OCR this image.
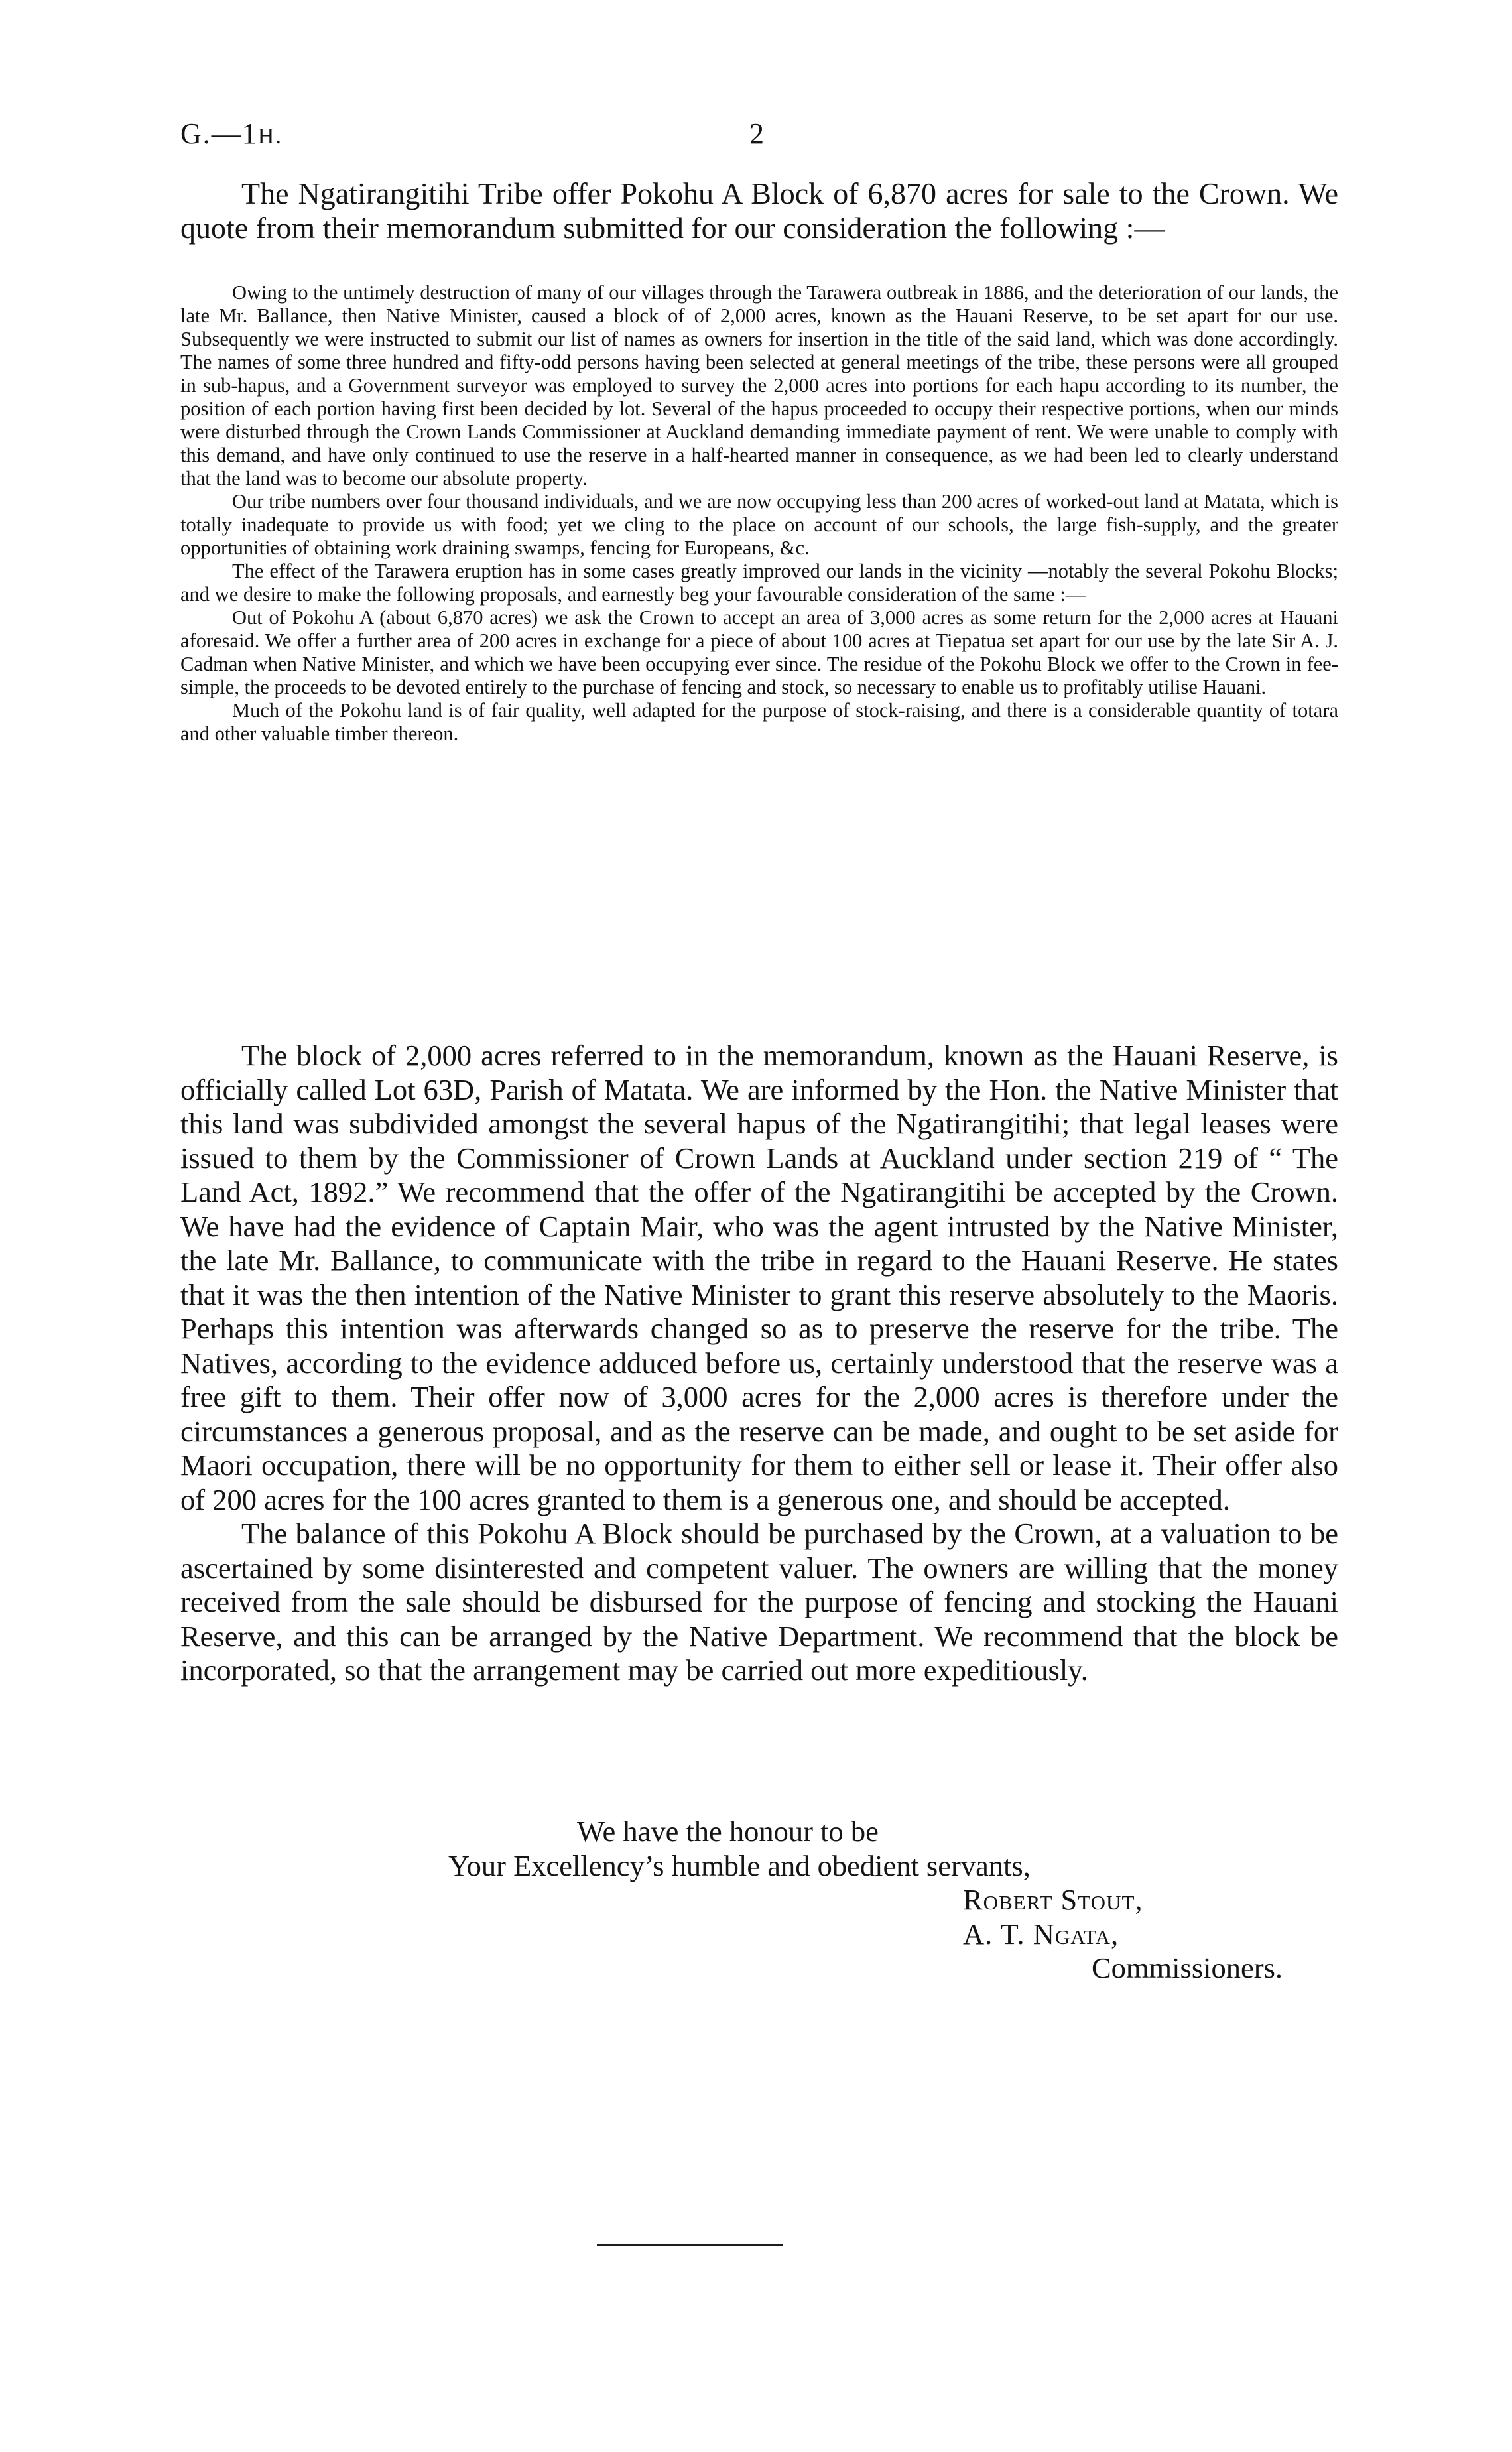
G.—1H.	2

The Ngatirangitihi Tribe offer Pokohu A Block of 6,870 acres for sale to the Crown. We quote from their memorandum submitted for our consideration the following :—

Owing to the untimely destruction of many of our villages through the Tarawera outbreak in 1886, and the deterioration of our lands, the late Mr. Ballance, then Native Minister, caused a block of of 2,000 acres, known as the Hauani Reserve, to be set apart for our use. Subsequently we were instructed to submit our list of names as owners for insertion in the title of the said land, which was done accordingly. The names of some three hundred and fifty-odd persons having been selected at general meetings of the tribe, these persons were all grouped in sub-hapus, and a Government surveyor was employed to survey the 2,000 acres into portions for each hapu according to its number, the position of each portion having first been decided by lot. Several of the hapus proceeded to occupy their respective portions, when our minds were disturbed through the Crown Lands Commissioner at Auckland demanding immediate payment of rent. We were unable to comply with this demand, and have only continued to use the reserve in a half-hearted manner in consequence, as we had been led to clearly understand that the land was to become our absolute property.

Our tribe numbers over four thousand individuals, and we are now occupying less than 200 acres of worked-out land at Matata, which is totally inadequate to provide us with food; yet we cling to the place on account of our schools, the large fish-supply, and the greater opportunities of obtaining work draining swamps, fencing for Europeans, &c.

The effect of the Tarawera eruption has in some cases greatly improved our lands in the vicinity —notably the several Pokohu Blocks; and we desire to make the following proposals, and earnestly beg your favourable consideration of the same :—

Out of Pokohu A (about 6,870 acres) we ask the Crown to accept an area of 3,000 acres as some return for the 2,000 acres at Hauani aforesaid. We offer a further area of 200 acres in exchange for a piece of about 100 acres at Tiepatua set apart for our use by the late Sir A. J. Cadman when Native Minister, and which we have been occupying ever since. The residue of the Pokohu Block we offer to the Crown in fee-simple, the proceeds to be devoted entirely to the purchase of fencing and stock, so necessary to enable us to profitably utilise Hauani.

Much of the Pokohu land is of fair quality, well adapted for the purpose of stock-raising, and there is a considerable quantity of totara and other valuable timber thereon.

The block of 2,000 acres referred to in the memorandum, known as the Hauani Reserve, is officially called Lot 63D, Parish of Matata. We are informed by the Hon. the Native Minister that this land was subdivided amongst the several hapus of the Ngatirangitihi; that legal leases were issued to them by the Commissioner of Crown Lands at Auckland under section 219 of “ The Land Act, 1892.” We recommend that the offer of the Ngatirangitihi be accepted by the Crown. We have had the evidence of Captain Mair, who was the agent intrusted by the Native Minister, the late Mr. Ballance, to communicate with the tribe in regard to the Hauani Reserve. He states that it was the then intention of the Native Minister to grant this reserve absolutely to the Maoris. Perhaps this intention was afterwards changed so as to preserve the reserve for the tribe. The Natives, according to the evidence adduced before us, certainly understood that the reserve was a free gift to them. Their offer now of 3,000 acres for the 2,000 acres is therefore under the circumstances a generous proposal, and as the reserve can be made, and ought to be set aside for Maori occupation, there will be no opportunity for them to either sell or lease it. Their offer also of 200 acres for the 100 acres granted to them is a generous one, and should be accepted.

The balance of this Pokohu A Block should be purchased by the Crown, at a valuation to be ascertained by some disinterested and competent valuer. The owners are willing that the money received from the sale should be disbursed for the purpose of fencing and stocking the Hauani Reserve, and this can be arranged by the Native Department. We recommend that the block be incorporated, so that the arrangement may be carried out more expeditiously.

We have the honour to be
Your Excellency’s humble and obedient servants,
Robert Stout,
A. T. Ngata,
Commissioners.
